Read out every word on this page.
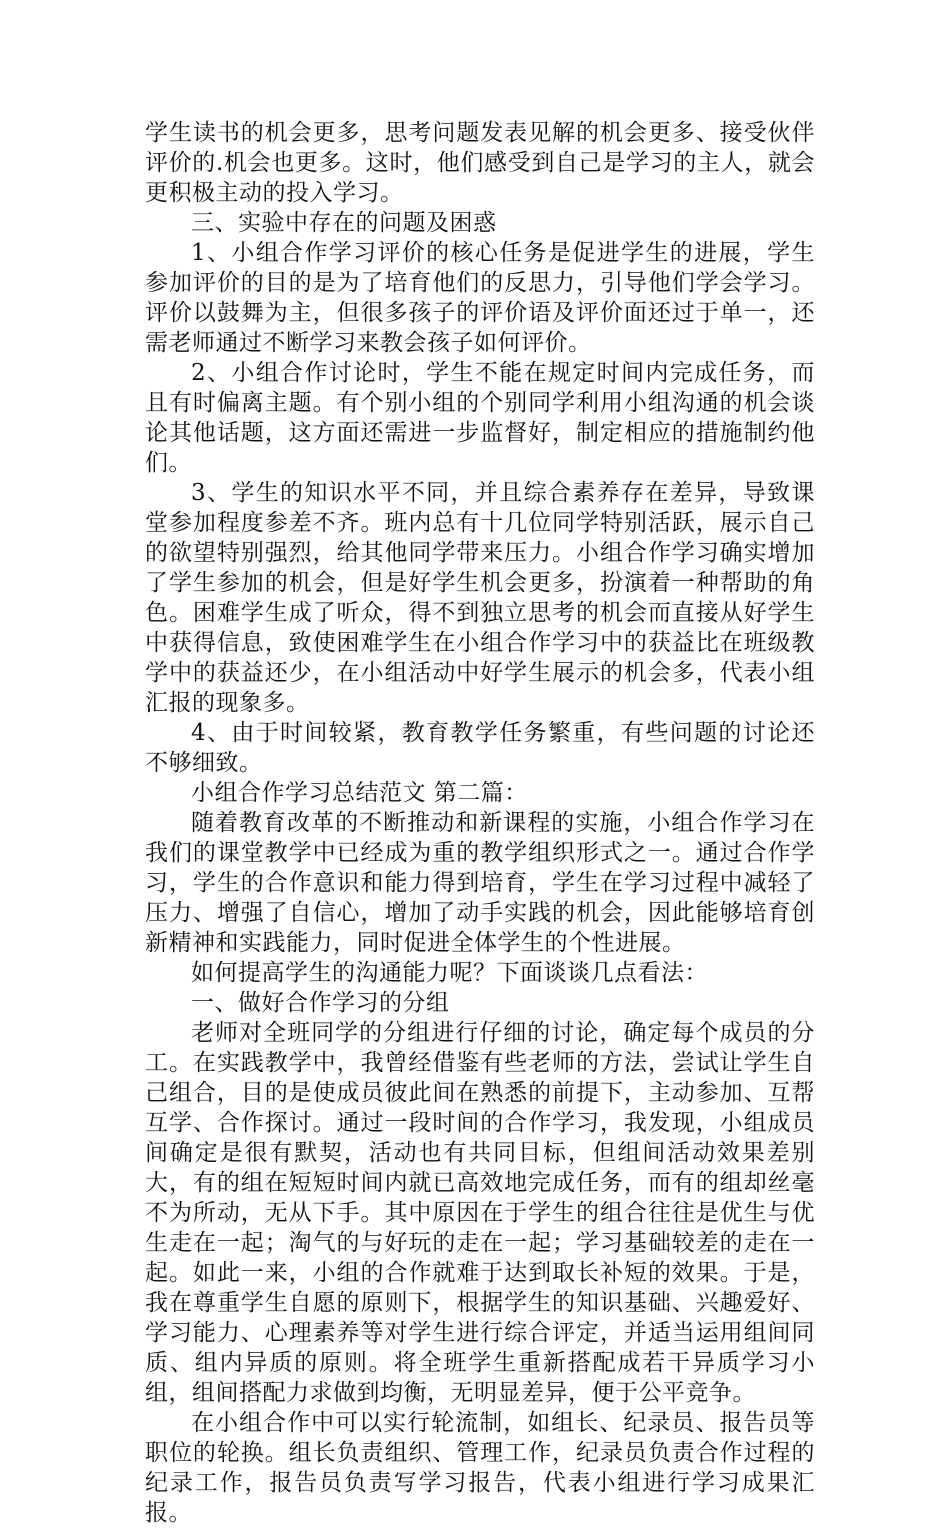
学生读书的机会更多，思考问题发表见解的机会更多、接受伙伴评价的.机会也更多。这时，他们感受到自己是学习的主人，就会更积极主动的投入学习。

三、实验中存在的问题及困惑

1、小组合作学习评价的核心任务是促进学生的进展，学生参加评价的目的是为了培育他们的反思力，引导他们学会学习。评价以鼓舞为主，但很多孩子的评价语及评价面还过于单一，还需老师通过不断学习来教会孩子如何评价。

2、小组合作讨论时，学生不能在规定时间内完成任务，而且有时偏离主题。有个别小组的个别同学利用小组沟通的机会谈论其他话题，这方面还需进一步监督好，制定相应的措施制约他们。

3、学生的知识水平不同，并且综合素养存在差异，导致课堂参加程度参差不齐。班内总有十几位同学特别活跃，展示自己的欲望特别强烈，给其他同学带来压力。小组合作学习确实增加了学生参加的机会，但是好学生机会更多，扮演着一种帮助的角色。困难学生成了听众，得不到独立思考的机会而直接从好学生中获得信息，致使困难学生在小组合作学习中的获益比在班级教学中的获益还少，在小组活动中好学生展示的机会多，代表小组汇报的现象多。

4、由于时间较紧，教育教学任务繁重，有些问题的讨论还不够细致。

小组合作学习总结范文 第二篇：

随着教育改革的不断推动和新课程的实施，小组合作学习在我们的课堂教学中已经成为重的教学组织形式之一。通过合作学习，学生的合作意识和能力得到培育，学生在学习过程中减轻了压力、增强了自信心，增加了动手实践的机会，因此能够培育创新精神和实践能力，同时促进全体学生的个性进展。

如何提高学生的沟通能力呢？下面谈谈几点看法：

一、做好合作学习的分组

老师对全班同学的分组进行仔细的讨论，确定每个成员的分工。在实践教学中，我曾经借鉴有些老师的方法，尝试让学生自己组合，目的是使成员彼此间在熟悉的前提下，主动参加、互帮互学、合作探讨。通过一段时间的合作学习，我发现，小组成员间确定是很有默契，活动也有共同目标，但组间活动效果差别大，有的组在短短时间内就已高效地完成任务，而有的组却丝毫不为所动，无从下手。其中原因在于学生的组合往往是优生与优生走在一起；淘气的与好玩的走在一起；学习基础较差的走在一起。如此一来，小组的合作就难于达到取长补短的效果。于是，我在尊重学生自愿的原则下，根据学生的知识基础、兴趣爱好、学习能力、心理素养等对学生进行综合评定，并适当运用组间同质、组内异质的原则。将全班学生重新搭配成若干异质学习小组，组间搭配力求做到均衡，无明显差异，便于公平竞争。

在小组合作中可以实行轮流制，如组长、纪录员、报告员等职位的轮换。组长负责组织、管理工作，纪录员负责合作过程的纪录工作，报告员负责写学习报告，代表小组进行学习成果汇报。
